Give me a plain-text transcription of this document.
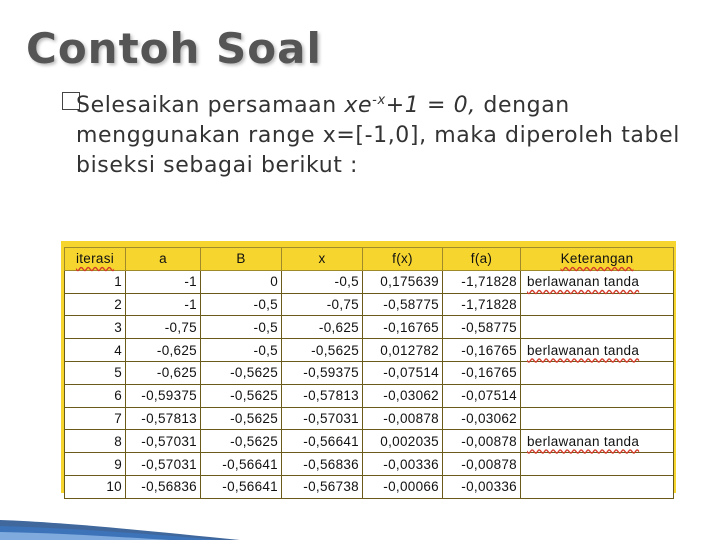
Contoh Soal
Selesaikan persamaan $xe^{-x}+1 = 0$, dengan menggunakan range x=[-1,0], maka diperoleh tabel biseksi sebagai berikut :
iterasi	a	B	x	f(x)	f(a)	Keterangan
1	-1	0	-0,5	0,175639	-1,71828	berlawanan tanda
2	-1	-0,5	-0,75	-0,58775	-1,71828	
3	-0,75	-0,5	-0,625	-0,16765	-0,58775	
4	-0,625	-0,5	-0,5625	0,012782	-0,16765	berlawanan tanda
5	-0,625	-0,5625	-0,59375	-0,07514	-0,16765	
6	-0,59375	-0,5625	-0,57813	-0,03062	-0,07514	
7	-0,57813	-0,5625	-0,57031	-0,00878	-0,03062	
8	-0,57031	-0,5625	-0,56641	0,002035	-0,00878	berlawanan tanda
9	-0,57031	-0,56641	-0,56836	-0,00336	-0,00878	
10	-0,56836	-0,56641	-0,56738	-0,00066	-0,00336	
